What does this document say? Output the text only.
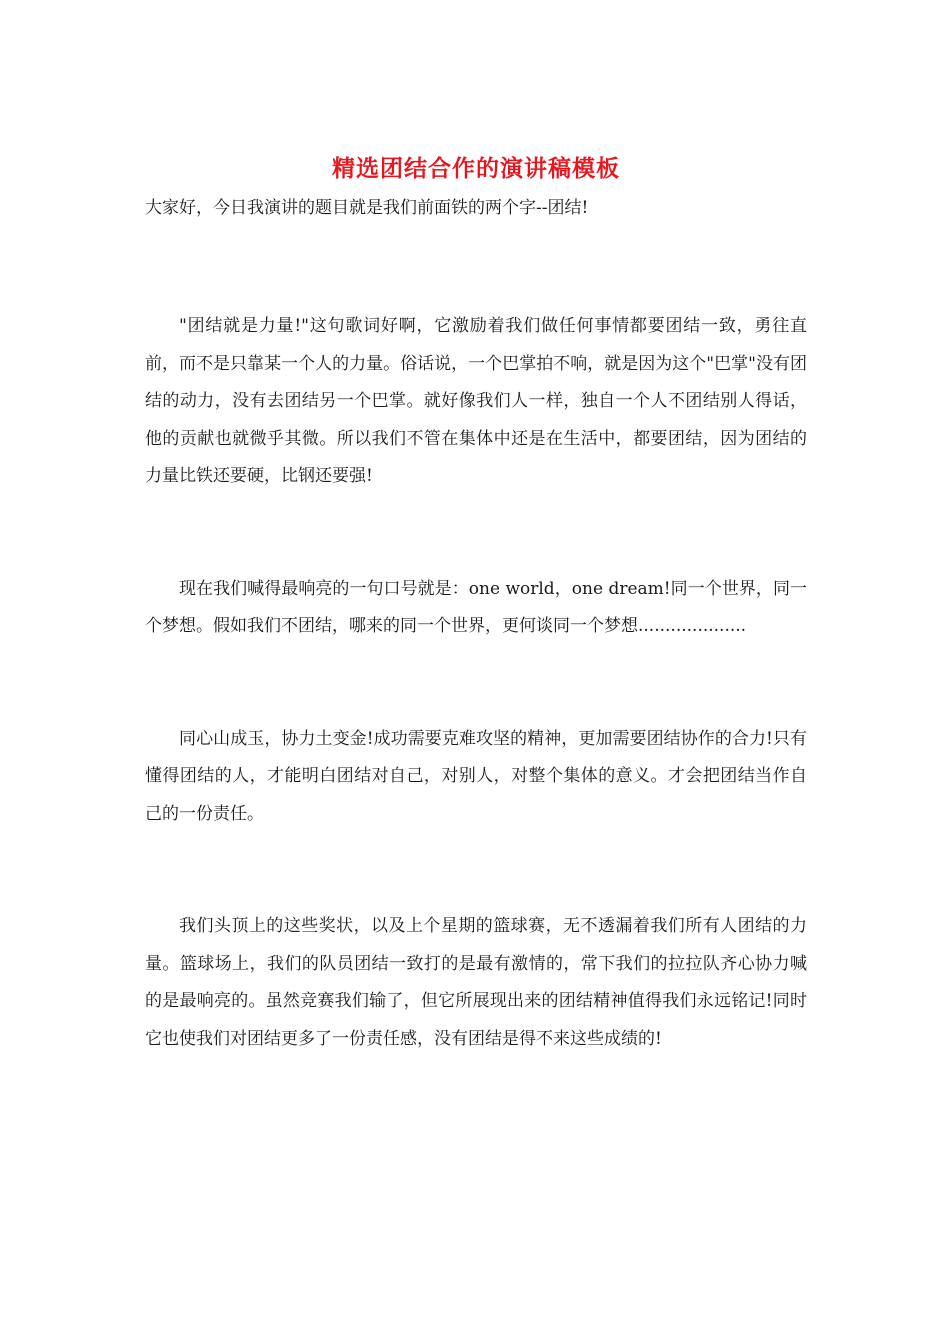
精选团结合作的演讲稿模板

大家好，今日我演讲的题目就是我们前面铁的两个字--团结!

"团结就是力量!"这句歌词好啊，它激励着我们做任何事情都要团结一致，勇往直前，而不是只靠某一个人的力量。俗话说，一个巴掌拍不响，就是因为这个"巴掌"没有团结的动力，没有去团结另一个巴掌。就好像我们人一样，独自一个人不团结别人得话，他的贡献也就微乎其微。所以我们不管在集体中还是在生活中，都要团结，因为团结的力量比铁还要硬，比钢还要强!

现在我们喊得最响亮的一句口号就是：one world，one dream!同一个世界，同一个梦想。假如我们不团结，哪来的同一个世界，更何谈同一个梦想....................

同心山成玉，协力土变金!成功需要克难攻坚的精神，更加需要团结协作的合力!只有懂得团结的人，才能明白团结对自己，对别人，对整个集体的意义。才会把团结当作自己的一份责任。

我们头顶上的这些奖状，以及上个星期的篮球赛，无不透漏着我们所有人团结的力量。篮球场上，我们的队员团结一致打的是最有激情的，常下我们的拉拉队齐心协力喊的是最响亮的。虽然竞赛我们输了，但它所展现出来的团结精神值得我们永远铭记!同时它也使我们对团结更多了一份责任感，没有团结是得不来这些成绩的!
